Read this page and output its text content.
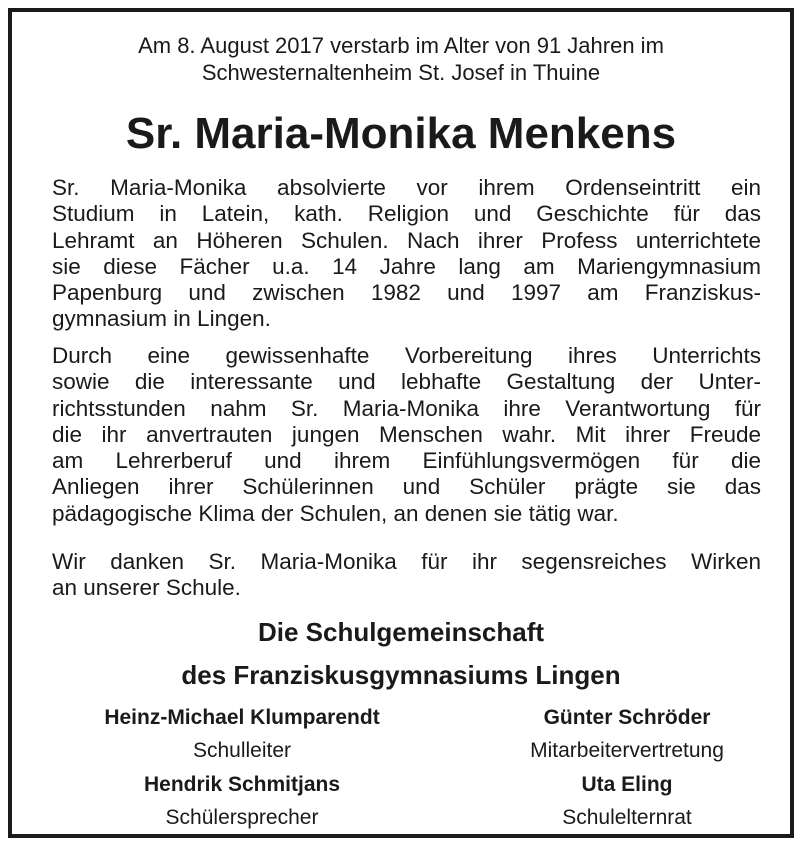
Am 8. August 2017 verstarb im Alter von 91 Jahren im
Schwesternaltenheim St. Josef in Thuine
Sr. Maria-Monika Menkens
Sr. Maria-Monika absolvierte vor ihrem Ordenseintritt ein
Studium in Latein, kath. Religion und Geschichte für das
Lehramt an Höheren Schulen. Nach ihrer Profess unterrichtete
sie diese Fächer u.a. 14 Jahre lang am Mariengymnasium
Papenburg und zwischen 1982 und 1997 am Franziskus-
gymnasium in Lingen.
Durch eine gewissenhafte Vorbereitung ihres Unterrichts
sowie die interessante und lebhafte Gestaltung der Unter-
richtsstunden nahm Sr. Maria-Monika ihre Verantwortung für
die ihr anvertrauten jungen Menschen wahr. Mit ihrer Freude
am Lehrerberuf und ihrem Einfühlungsvermögen für die
Anliegen ihrer Schülerinnen und Schüler prägte sie das
pädagogische Klima der Schulen, an denen sie tätig war.
Wir danken Sr. Maria-Monika für ihr segensreiches Wirken
an unserer Schule.
Die Schulgemeinschaft
des Franziskusgymnasiums Lingen
Heinz-Michael Klumparendt
Schulleiter
Günter Schröder
Mitarbeitervertretung
Hendrik Schmitjans
Schülersprecher
Uta Eling
Schulelternrat
